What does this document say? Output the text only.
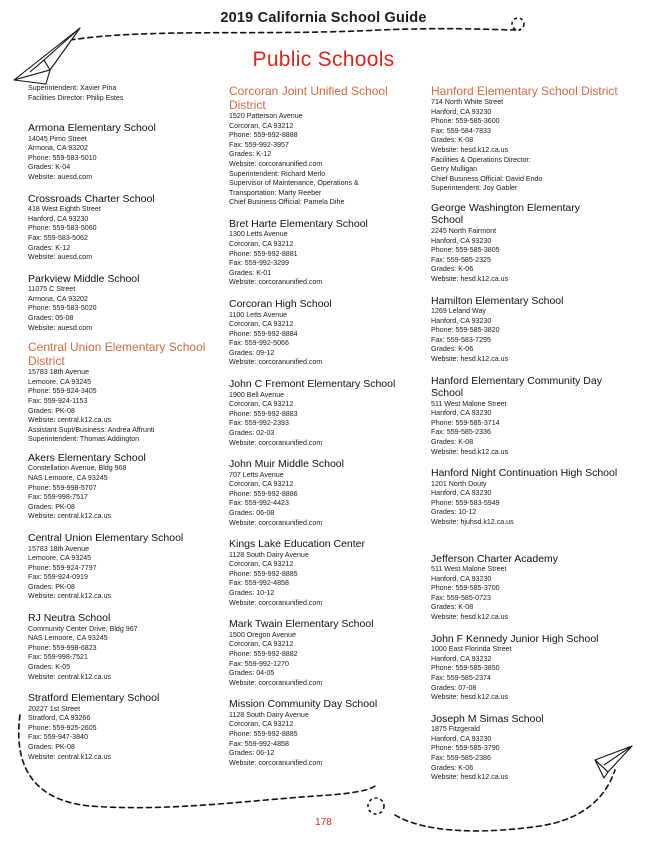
2019 California School Guide
Public Schools
Superintendent: Xavier Pina
Facilities Director: Philip Estes
Armona Elementary School
14045 Pimo Street
Armona, CA 93202
Phone: 559-583-5010
Grades: K-04
Website: auesd.com
Crossroads Charter School
418 West Eighth Street
Hanford, CA 93230
Phone: 559-583-5060
Fax: 559-583-5062
Grades: K-12
Website: auesd.com
Parkview Middle School
11075 C Street
Armona, CA 93202
Phone: 559-583-5020
Grades: 05-08
Website: auesd.com
Central Union Elementary School District
15783 18th Avenue
Lemoore, CA 93245
Phone: 559-924-3405
Fax: 559-924-1153
Grades: PK-08
Website: central.k12.ca.us
Assistant Supt/Business: Andrea Affrunti
Superintendent: Thomas Addington
Akers Elementary School
Constellation Avenue, Bldg 968
NAS Lemoore, CA 93245
Phone: 559-998-5707
Fax: 559-998-7517
Grades: PK-08
Website: central.k12.ca.us
Central Union Elementary School
15783 18th Avenue
Lemoore, CA 93245
Phone: 559-924-7797
Fax: 559-924-0919
Grades: PK-08
Website: central.k12.ca.us
RJ Neutra School
Community Center Drive, Bldg 967
NAS Lemoore, CA 93245
Phone: 559-998-6823
Fax: 559-998-7521
Grades: K-05
Website: central.k12.ca.us
Stratford Elementary School
20227 1st Street
Stratford, CA 93266
Phone: 559-925-2605
Fax: 559-947-3840
Grades: PK-08
Website: central.k12.ca.us
Corcoran Joint Unified School District
1520 Patterson Avenue
Corcoran, CA 93212
Phone: 559-992-8888
Fax: 559-992-3957
Grades: K-12
Website: corcoranunified.com
Superintendent: Richard Merlo
Supervisor of Maintenance, Operations &
Transportation: Marty Reeber
Chief Business Official: Pamela Dihe
Bret Harte Elementary School
1300 Letts Avenue
Corcoran, CA 93212
Phone: 559-992-8881
Fax: 559-992-3299
Grades: K-01
Website: corcoranunified.com
Corcoran High School
1100 Letts Avenue
Corcoran, CA 93212
Phone: 559-992-8884
Fax: 559-992-5066
Grades: 09-12
Website: corcoranunified.com
John C Fremont Elementary School
1900 Bell Avenue
Corcoran, CA 93212
Phone: 559-992-8883
Fax: 559-992-2393
Grades: 02-03
Website: corcoranunified.com
John Muir Middle School
707 Letts Avenue
Corcoran, CA 93212
Phone: 559-992-8886
Fax: 559-992-4423
Grades: 06-08
Website: corcoranunified.com
Kings Lake Education Center
1128 South Dairy Avenue
Corcoran, CA 93212
Phone: 559-992-8885
Fax: 559-992-4858
Grades: 10-12
Website: corcoranunified.com
Mark Twain Elementary School
1500 Oregon Avenue
Corcoran, CA 93212
Phone: 559-992-8882
Fax: 559-992-1270
Grades: 04-05
Website: corcoranunified.com
Mission Community Day School
1128 South Dairy Avenue
Corcoran, CA 93212
Phone: 559-992-8885
Fax: 559-992-4858
Grades: 06-12
Website: corcoranunified.com
Hanford Elementary School District
714 North White Street
Hanford, CA 93230
Phone: 559-585-3600
Fax: 559-584-7833
Grades: K-08
Website: hesd.k12.ca.us
Facilities & Operations Director:
Gerry Mulligan
Chief Business Official: David Endo
Superintendent: Joy Gabler
George Washington Elementary School
2245 North Fairmont
Hanford, CA 93230
Phone: 559-585-3805
Fax: 559-585-2325
Grades: K-06
Website: hesd.k12.ca.us
Hamilton Elementary School
1269 Leland Way
Hanford, CA 93230
Phone: 559-585-3820
Fax: 559-583-7295
Grades: K-06
Website: hesd.k12.ca.us
Hanford Elementary Community Day School
511 West Malone Street
Hanford, CA 93230
Phone: 559-585-3714
Fax: 559-585-2336
Grades: K-08
Website: hesd.k12.ca.us
Hanford Night Continuation High School
1201 North Douty
Hanford, CA 93230
Phone: 559-583-5949
Grades: 10-12
Website: hjuhsd.k12.ca.us
Jefferson Charter Academy
511 West Malone Street
Hanford, CA 93230
Phone: 559-585-3700
Fax: 559-585-0723
Grades: K-08
Website: hesd.k12.ca.us
John F Kennedy Junior High School
1000 East Florinda Street
Hanford, CA 93232
Phone: 559-585-3850
Fax: 559-585-2374
Grades: 07-08
Website: hesd.k12.ca.us
Joseph M Simas School
1875 Fitzgerald
Hanford, CA 93230
Phone: 559-585-3790
Fax: 559-585-2386
Grades: K-06
Website: hesd.k12.ca.us
178
